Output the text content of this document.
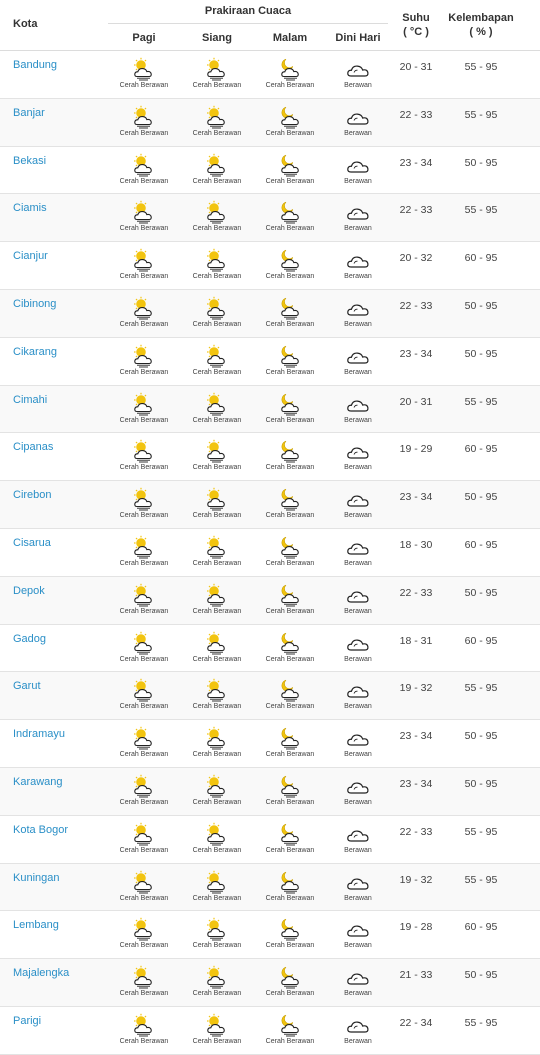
Kota
Prakiraan Cuaca
Pagi	Siang	Malam	Dini Hari
Suhu
( °C )
Kelembapan
( % )
Bandung
Cerah Berawan	Cerah Berawan	Cerah Berawan	Berawan
20 - 31	55 - 95
Banjar
Cerah Berawan	Cerah Berawan	Cerah Berawan	Berawan
22 - 33	55 - 95
Bekasi
Cerah Berawan	Cerah Berawan	Cerah Berawan	Berawan
23 - 34	50 - 95
Ciamis
Cerah Berawan	Cerah Berawan	Cerah Berawan	Berawan
22 - 33	55 - 95
Cianjur
Cerah Berawan	Cerah Berawan	Cerah Berawan	Berawan
20 - 32	60 - 95
Cibinong
Cerah Berawan	Cerah Berawan	Cerah Berawan	Berawan
22 - 33	50 - 95
Cikarang
Cerah Berawan	Cerah Berawan	Cerah Berawan	Berawan
23 - 34	50 - 95
Cimahi
Cerah Berawan	Cerah Berawan	Cerah Berawan	Berawan
20 - 31	55 - 95
Cipanas
Cerah Berawan	Cerah Berawan	Cerah Berawan	Berawan
19 - 29	60 - 95
Cirebon
Cerah Berawan	Cerah Berawan	Cerah Berawan	Berawan
23 - 34	50 - 95
Cisarua
Cerah Berawan	Cerah Berawan	Cerah Berawan	Berawan
18 - 30	60 - 95
Depok
Cerah Berawan	Cerah Berawan	Cerah Berawan	Berawan
22 - 33	50 - 95
Gadog
Cerah Berawan	Cerah Berawan	Cerah Berawan	Berawan
18 - 31	60 - 95
Garut
Cerah Berawan	Cerah Berawan	Cerah Berawan	Berawan
19 - 32	55 - 95
Indramayu
Cerah Berawan	Cerah Berawan	Cerah Berawan	Berawan
23 - 34	50 - 95
Karawang
Cerah Berawan	Cerah Berawan	Cerah Berawan	Berawan
23 - 34	50 - 95
Kota Bogor
Cerah Berawan	Cerah Berawan	Cerah Berawan	Berawan
22 - 33	55 - 95
Kuningan
Cerah Berawan	Cerah Berawan	Cerah Berawan	Berawan
19 - 32	55 - 95
Lembang
Cerah Berawan	Cerah Berawan	Cerah Berawan	Berawan
19 - 28	60 - 95
Majalengka
Cerah Berawan	Cerah Berawan	Cerah Berawan	Berawan
21 - 33	50 - 95
Parigi
Cerah Berawan	Cerah Berawan	Cerah Berawan	Berawan
22 - 34	55 - 95
